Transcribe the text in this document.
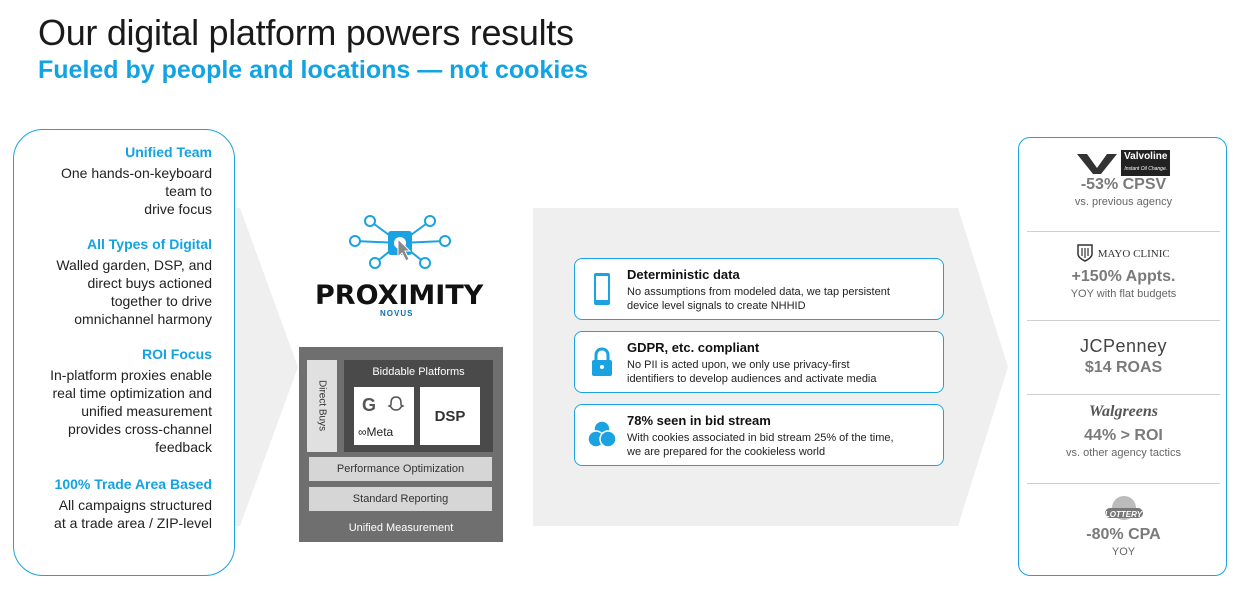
Our digital platform powers results
Fueled by people and locations — not cookies
Unified Team
One hands-on-keyboard
team to
drive focus
All Types of Digital
Walled garden, DSP, and
direct buys actioned
together to drive
omnichannel harmony
ROI Focus
In-platform proxies enable
real time optimization and
unified measurement
provides cross-channel
feedback
100% Trade Area Based
All campaigns structured
at a trade area / ZIP-level
PROXIMITY
NOVUS
Direct Buys
Biddable Platforms
G
∞Meta
DSP
Performance Optimization
Standard Reporting
Unified Measurement
Deterministic data
No assumptions from modeled data, we tap persistent
device level signals to create NHHID
GDPR, etc. compliant
No PII is acted upon, we only use privacy-first
identifiers to develop audiences and activate media
78% seen in bid stream
With cookies associated in bid stream 25% of the time,
we are prepared for the cookieless world
Valvoline
Instant Oil Change.
-53% CPSV
vs. previous agency
MAYO CLINIC
+150% Appts.
YOY with flat budgets
JCPenney
$14 ROAS
Walgreens
44% > ROI
vs. other agency tactics
LOTTERY
-80% CPA
YOY
